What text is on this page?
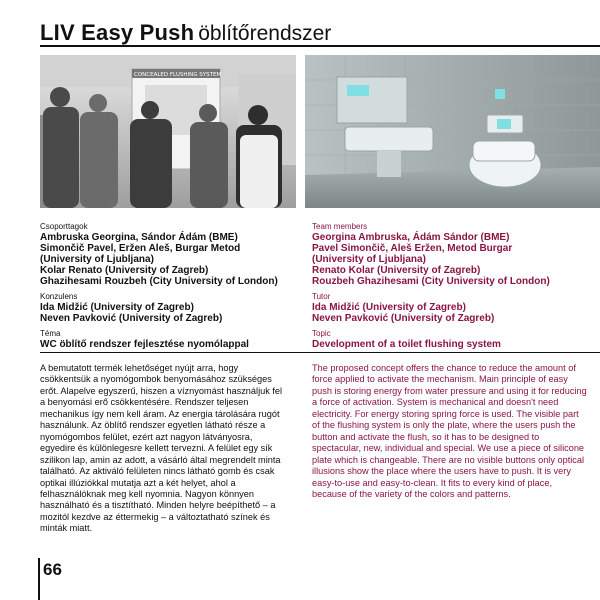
LIV Easy Push öblítőrendszer
CONCEALED FLUSHING SYSTEM
Csoporttagok
Ambruska Georgina, Sándor Ádám (BME)
Simončič Pavel, Eržen Aleš, Burgar Metod
(University of Ljubljana)
Kolar Renato (University of Zagreb)
Ghazihesami Rouzbeh (City University of London)
Konzulens
Ida Midžić (University of Zagreb)
Neven Pavković (University of Zagreb)
Téma
WC öblítő rendszer fejlesztése nyomólappal
Team members
Georgina Ambruska, Ádám Sándor (BME)
Pavel Simončič, Aleš Eržen, Metod Burgar
(University of Ljubljana)
Renato Kolar (University of Zagreb)
Rouzbeh Ghazihesami (City University of London)
Tutor
Ida Midžić (University of Zagreb)
Neven Pavković (University of Zagreb)
Topic
Development of a toilet flushing system
A bemutatott termék lehetőséget nyújt arra, hogy csökkentsük a nyomógombok benyomásához szükséges erőt. Alapelve egyszerű, hiszen a víznyomást használjuk fel a benyomási erő csökkentésére. Rendszer teljesen mechanikus így nem kell áram. Az energia tárolására rugót használunk. Az öblítő rendszer egyetlen látható része a nyomógombos felület, ezért azt nagyon látványosra, egyedire és különlegesre kellett tervezni. A felület egy sík szilikon lap, amin az adott, a vásárló által megrendelt minta található. Az aktiváló felületen nincs látható gomb és csak optikai illúziókkal mutatja azt a két helyet, ahol a felhasználóknak meg kell nyomnia. Nagyon könnyen használható és a tisztítható. Minden helyre beépíthető – a mozitól kezdve az éttermekig – a változtatható színek és minták miatt.
The proposed concept offers the chance to reduce the amount of force applied to activate the mechanism. Main principle of easy push is storing energy from water pressure and using it for reducing a force of activation. System is mechanical and doesn't need electricity. For energy storing spring force is used. The visible part of the flushing system is only the plate, where the users push the button and activate the flush, so it has to be designed to spectacular, new, individual and special. We use a piece of silicone plate which is changeable. There are no visible buttons only optical illusions show the place where the users have to push. It is very easy-to-use and easy-to-clean. It fits to every kind of place, because of the variety of the colors and patterns.
66
